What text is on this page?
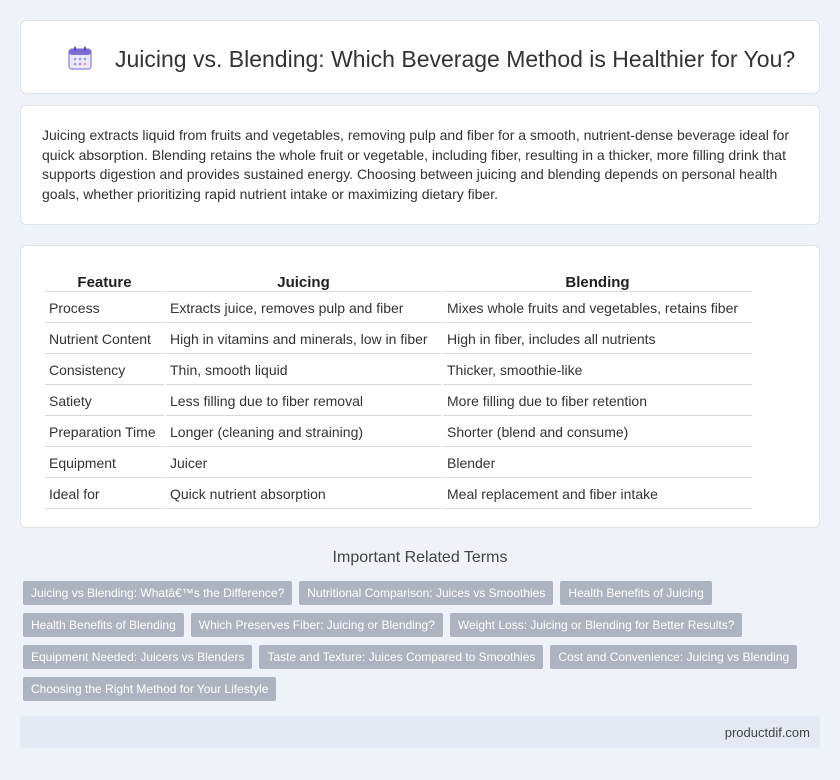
Juicing vs. Blending: Which Beverage Method is Healthier for You?

Juicing extracts liquid from fruits and vegetables, removing pulp and fiber for a smooth, nutrient-dense beverage ideal for quick absorption. Blending retains the whole fruit or vegetable, including fiber, resulting in a thicker, more filling drink that supports digestion and provides sustained energy. Choosing between juicing and blending depends on personal health goals, whether prioritizing rapid nutrient intake or maximizing dietary fiber.

Feature	Juicing	Blending
Process	Extracts juice, removes pulp and fiber	Mixes whole fruits and vegetables, retains fiber
Nutrient Content	High in vitamins and minerals, low in fiber	High in fiber, includes all nutrients
Consistency	Thin, smooth liquid	Thicker, smoothie-like
Satiety	Less filling due to fiber removal	More filling due to fiber retention
Preparation Time	Longer (cleaning and straining)	Shorter (blend and consume)
Equipment	Juicer	Blender
Ideal for	Quick nutrient absorption	Meal replacement and fiber intake
Important Related Terms
Juicing vs Blending: Whatâ€™s the Difference?	Nutritional Comparison: Juices vs Smoothies	Health Benefits of Juicing
Health Benefits of Blending	Which Preserves Fiber: Juicing or Blending?	Weight Loss: Juicing or Blending for Better Results?
Equipment Needed: Juicers vs Blenders	Taste and Texture: Juices Compared to Smoothies	Cost and Convenience: Juicing vs Blending
Choosing the Right Method for Your Lifestyle
productdif.com
